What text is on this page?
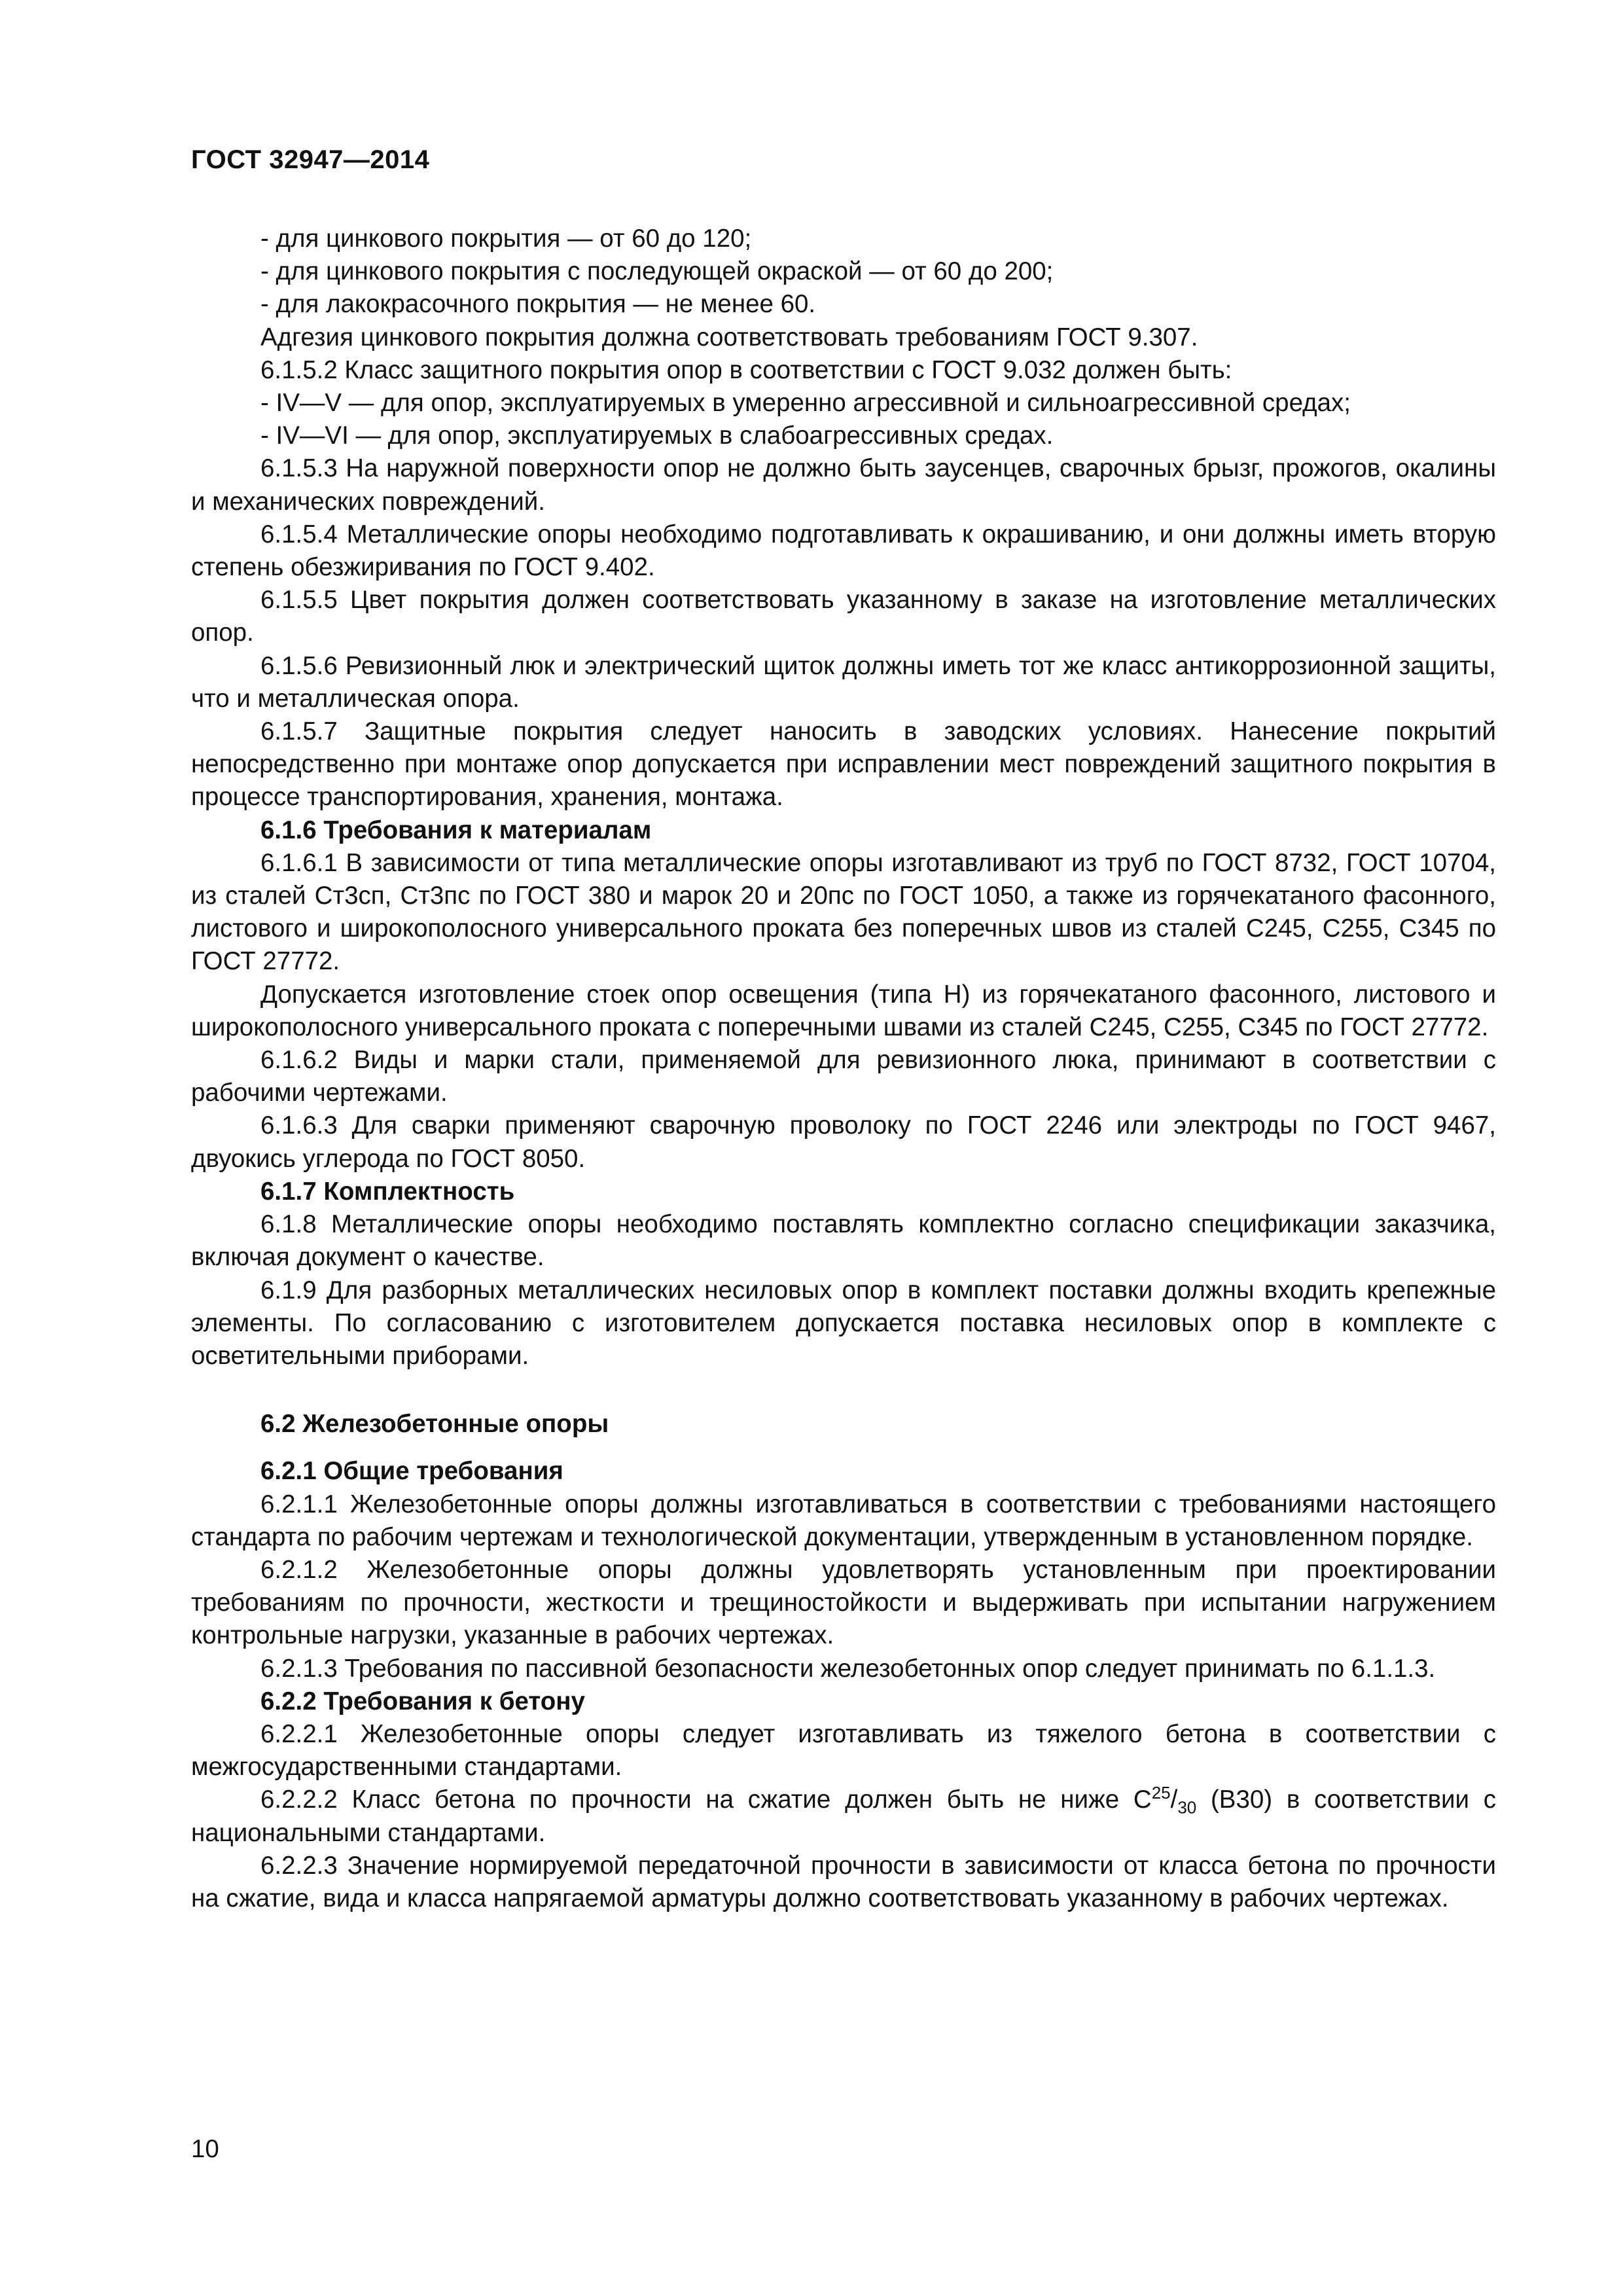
ГОСТ 32947—2014

- для цинкового покрытия — от 60 до 120;

- для цинкового покрытия с последующей окраской — от 60 до 200;

- для лакокрасочного покрытия — не менее 60.

Адгезия цинкового покрытия должна соответствовать требованиям ГОСТ 9.307.

6.1.5.2 Класс защитного покрытия опор в соответствии с ГОСТ 9.032 должен быть:

- IV—V — для опор, эксплуатируемых в умеренно агрессивной и сильноагрессивной средах;

- IV—VI — для опор, эксплуатируемых в слабоагрессивных средах.

6.1.5.3 На наружной поверхности опор не должно быть заусенцев, сварочных брызг, прожогов, окалины и механических повреждений.

6.1.5.4 Металлические опоры необходимо подготавливать к окрашиванию, и они должны иметь вторую степень обезжиривания по ГОСТ 9.402.

6.1.5.5 Цвет покрытия должен соответствовать указанному в заказе на изготовление металлических опор.

6.1.5.6 Ревизионный люк и электрический щиток должны иметь тот же класс антикоррозионной защиты, что и металлическая опора.

6.1.5.7 Защитные покрытия следует наносить в заводских условиях. Нанесение покрытий непосредственно при монтаже опор допускается при исправлении мест повреждений защитного покрытия в процессе транспортирования, хранения, монтажа.

6.1.6 Требования к материалам

6.1.6.1 В зависимости от типа металлические опоры изготавливают из труб по ГОСТ 8732, ГОСТ 10704, из сталей Ст3сп, Ст3пс по ГОСТ 380 и марок 20 и 20пс по ГОСТ 1050, а также из горячекатаного фасонного, листового и широкополосного универсального проката без поперечных швов из сталей С245, С255, С345 по ГОСТ 27772.

Допускается изготовление стоек опор освещения (типа Н) из горячекатаного фасонного, листового и широкополосного универсального проката с поперечными швами из сталей С245, С255, С345 по ГОСТ 27772.

6.1.6.2 Виды и марки стали, применяемой для ревизионного люка, принимают в соответствии с рабочими чертежами.

6.1.6.3 Для сварки применяют сварочную проволоку по ГОСТ 2246 или электроды по ГОСТ 9467, двуокись углерода по ГОСТ 8050.

6.1.7 Комплектность

6.1.8 Металлические опоры необходимо поставлять комплектно согласно спецификации заказчика, включая документ о качестве.

6.1.9 Для разборных металлических несиловых опор в комплект поставки должны входить крепежные элементы. По согласованию с изготовителем допускается поставка несиловых опор в комплекте с осветительными приборами.

6.2 Железобетонные опоры
6.2.1 Общие требования

6.2.1.1 Железобетонные опоры должны изготавливаться в соответствии с требованиями настоящего стандарта по рабочим чертежам и технологической документации, утвержденным в установленном порядке.

6.2.1.2 Железобетонные опоры должны удовлетворять установленным при проектировании требованиям по прочности, жесткости и трещиностойкости и выдерживать при испытании нагружением контрольные нагрузки, указанные в рабочих чертежах.

6.2.1.3 Требования по пассивной безопасности железобетонных опор следует принимать по 6.1.1.3.

6.2.2 Требования к бетону

6.2.2.1 Железобетонные опоры следует изготавливать из тяжелого бетона в соответствии с межгосударственными стандартами.

6.2.2.2 Класс бетона по прочности на сжатие должен быть не ниже $С^{25}/_{30}$ (В30) в соответствии с национальными стандартами.

6.2.2.3 Значение нормируемой передаточной прочности в зависимости от класса бетона по прочности на сжатие, вида и класса напрягаемой арматуры должно соответствовать указанному в рабочих чертежах.

10
